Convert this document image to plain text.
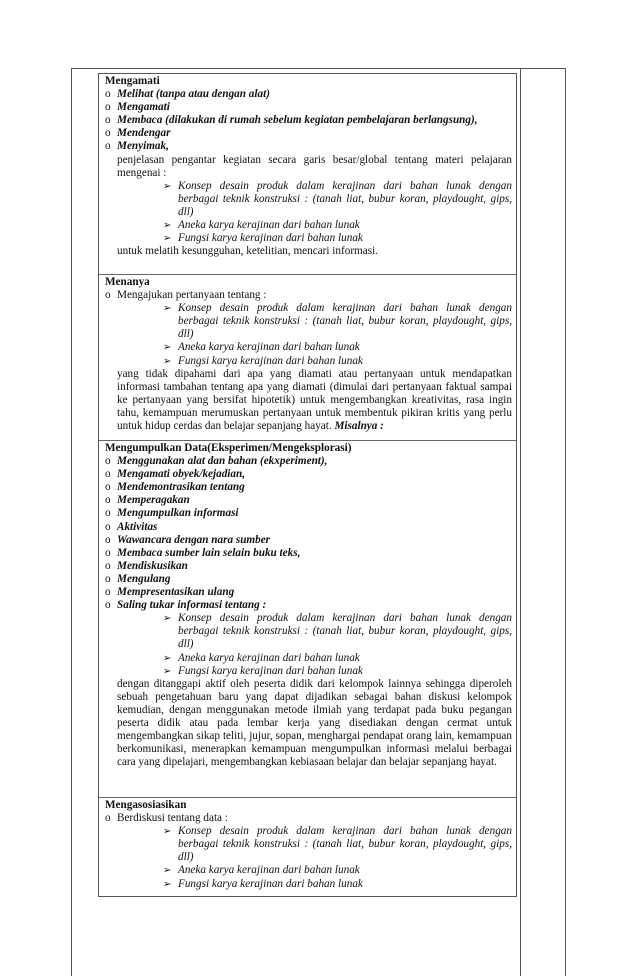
Mengamati
o Melihat (tanpa atau dengan alat)
o Mengamati
o Membaca (dilakukan di rumah sebelum kegiatan pembelajaran berlangsung),
o Mendengar
o Menyimak,
penjelasan pengantar kegiatan secara garis besar/global tentang materi pelajaran mengenai :
➢ Konsep desain produk dalam kerajinan dari bahan lunak dengan berbagai teknik konstruksi : (tanah liat, bubur koran, playdought, gips, dll)
➢ Aneka karya kerajinan dari bahan lunak
➢ Fungsi karya kerajinan dari bahan lunak
untuk melatih kesungguhan, ketelitian, mencari informasi.
Menanya
o Mengajukan pertanyaan tentang :
➢ Konsep desain produk dalam kerajinan dari bahan lunak dengan berbagai teknik konstruksi : (tanah liat, bubur koran, playdought, gips, dll)
➢ Aneka karya kerajinan dari bahan lunak
➢ Fungsi karya kerajinan dari bahan lunak
yang tidak dipahami dari apa yang diamati atau pertanyaan untuk mendapatkan informasi tambahan tentang apa yang diamati (dimulai dari pertanyaan faktual sampai ke pertanyaan yang bersifat hipotetik) untuk mengembangkan kreativitas, rasa ingin tahu, kemampuan merumuskan pertanyaan untuk membentuk pikiran kritis yang perlu untuk hidup cerdas dan belajar sepanjang hayat. Misalnya :
Mengumpulkan Data(Eksperimen/Mengeksplorasi)
o Menggunakan alat dan bahan (ekxperiment),
o Mengamati obyek/kejadian,
o Mendemontrasikan tentang
o Memperagakan
o Mengumpulkan informasi
o Aktivitas
o Wawancara dengan nara sumber
o Membaca sumber lain selain buku teks,
o Mendiskusikan
o Mengulang
o Mempresentasikan ulang
o Saling tukar informasi tentang :
➢ Konsep desain produk dalam kerajinan dari bahan lunak dengan berbagai teknik konstruksi : (tanah liat, bubur koran, playdought, gips, dll)
➢ Aneka karya kerajinan dari bahan lunak
➢ Fungsi karya kerajinan dari bahan lunak
dengan ditanggapi aktif oleh peserta didik dari kelompok lainnya sehingga diperoleh sebuah pengetahuan baru yang dapat dijadikan sebagai bahan diskusi kelompok kemudian, dengan menggunakan metode ilmiah yang terdapat pada buku pegangan peserta didik atau pada lembar kerja yang disediakan dengan cermat untuk mengembangkan sikap teliti, jujur, sopan, menghargai pendapat orang lain, kemampuan berkomunikasi, menerapkan kemampuan mengumpulkan informasi melalui berbagai cara yang dipelajari, mengembangkan kebiasaan belajar dan belajar sepanjang hayat.
Mengasosiasikan
o Berdiskusi tentang data :
➢ Konsep desain produk dalam kerajinan dari bahan lunak dengan berbagai teknik konstruksi : (tanah liat, bubur koran, playdought, gips, dll)
➢ Aneka karya kerajinan dari bahan lunak
➢ Fungsi karya kerajinan dari bahan lunak
